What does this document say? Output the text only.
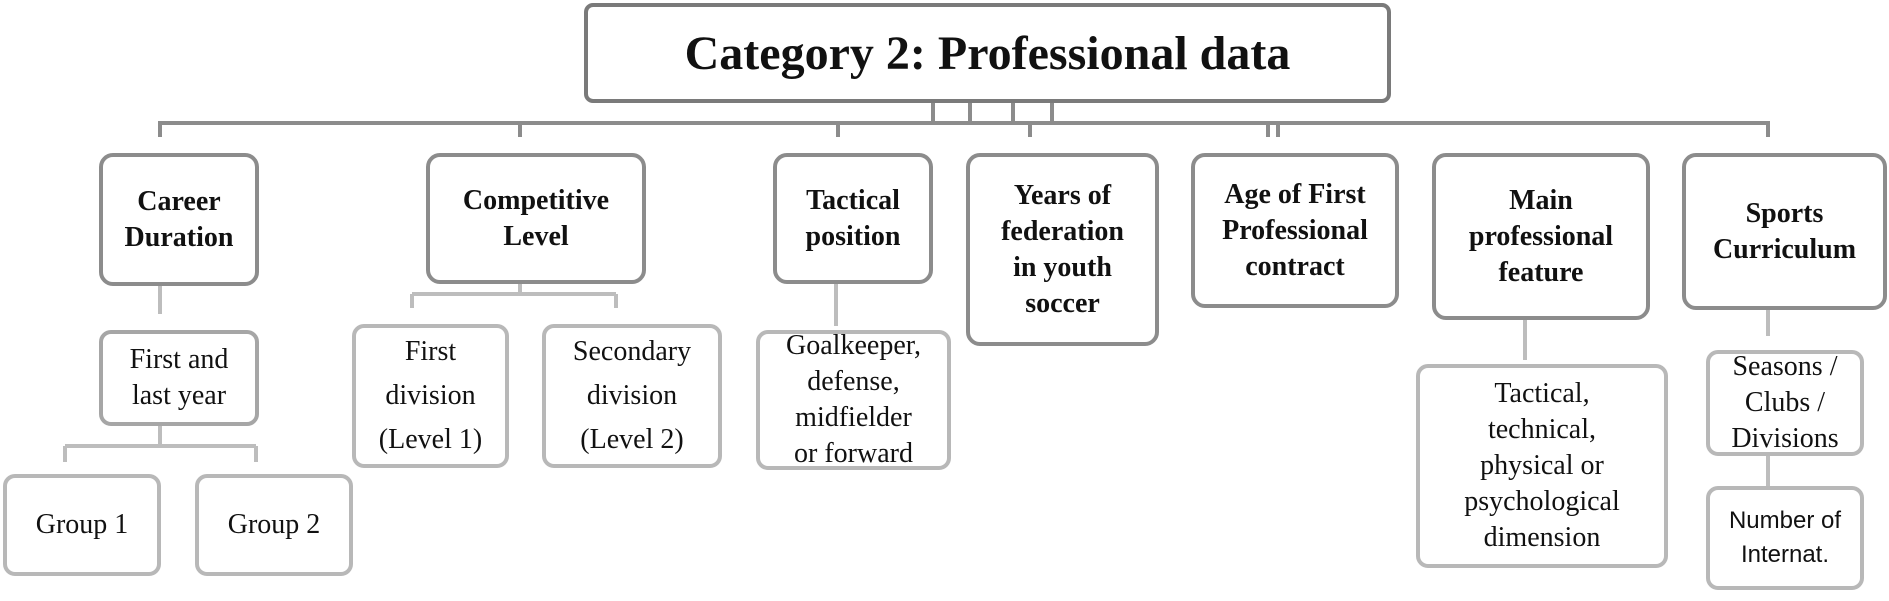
Category 2: Professional data
Career
Duration
Competitive
Level
Tactical
position
Years of
federation
in youth
soccer
Age of First
Professional
contract
Main
professional
feature
Sports
Curriculum
First and
last year
Group 1	Group 2
First
division
(Level 1)
Secondary
division
(Level 2)
Goalkeeper,
defense,
midfielder
or forward
Tactical,
technical,
physical or
psychological
dimension
Seasons /
Clubs /
Divisions
Number of
Internat.
